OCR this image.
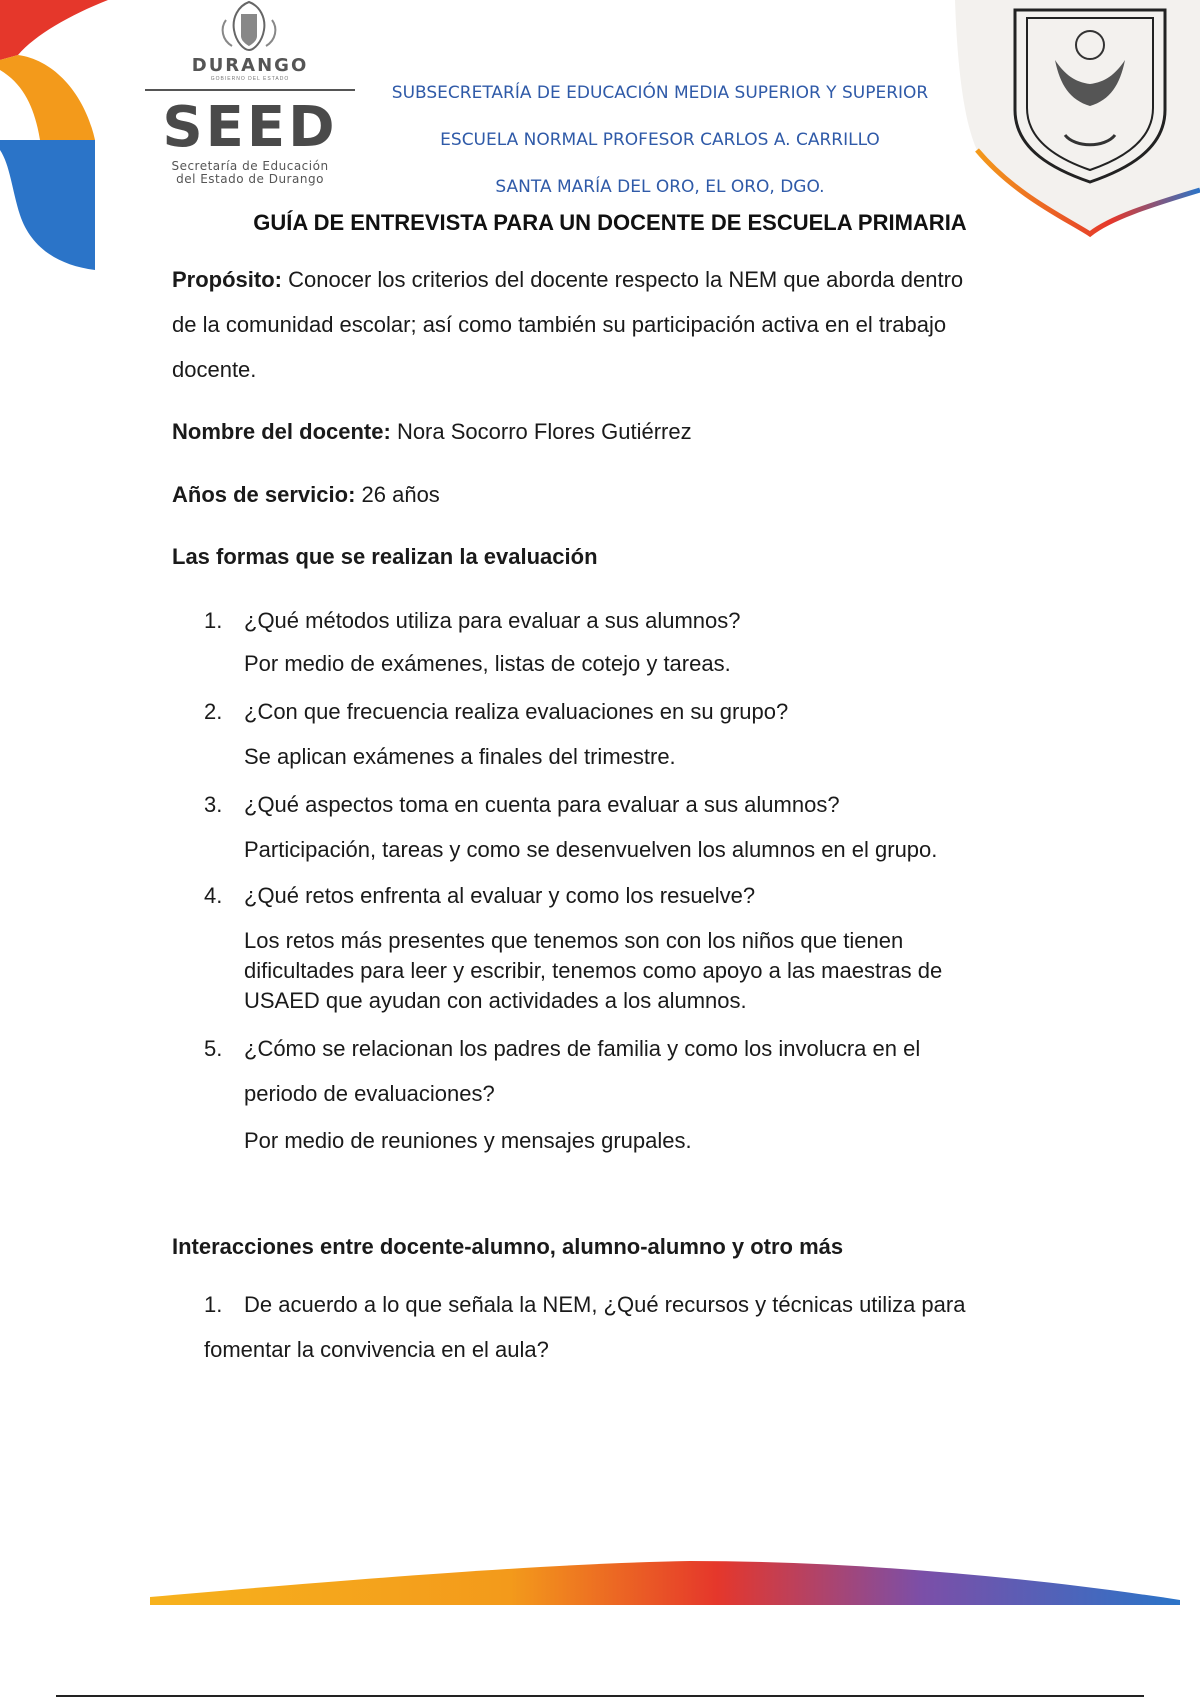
DURANGO
GOBIERNO DEL ESTADO
SEED
Secretaría de Educación
del Estado de Durango
SUBSECRETARÍA DE EDUCACIÓN MEDIA SUPERIOR Y SUPERIOR
ESCUELA NORMAL PROFESOR CARLOS A. CARRILLO
SANTA MARÍA DEL ORO, EL ORO, DGO.
GUÍA DE ENTREVISTA PARA UN DOCENTE DE ESCUELA PRIMARIA
Propósito: Conocer los criterios del docente respecto la NEM que aborda dentro
de la comunidad escolar; así como también su participación activa en el trabajo
docente.
Nombre del docente: Nora Socorro Flores Gutiérrez
Años de servicio: 26 años
Las formas que se realizan la evaluación
1. ¿Qué métodos utiliza para evaluar a sus alumnos?
Por medio de exámenes, listas de cotejo y tareas.
2. ¿Con que frecuencia realiza evaluaciones en su grupo?
Se aplican exámenes a finales del trimestre.
3. ¿Qué aspectos toma en cuenta para evaluar a sus alumnos?
Participación, tareas y como se desenvuelven los alumnos en el grupo.
4. ¿Qué retos enfrenta al evaluar y como los resuelve?
Los retos más presentes que tenemos son con los niños que tienen
dificultades para leer y escribir, tenemos como apoyo a las maestras de
USAED que ayudan con actividades a los alumnos.
5. ¿Cómo se relacionan los padres de familia y como los involucra en el
periodo de evaluaciones?
Por medio de reuniones y mensajes grupales.
Interacciones entre docente-alumno, alumno-alumno y otro más
1. De acuerdo a lo que señala la NEM, ¿Qué recursos y técnicas utiliza para
fomentar la convivencia en el aula?
